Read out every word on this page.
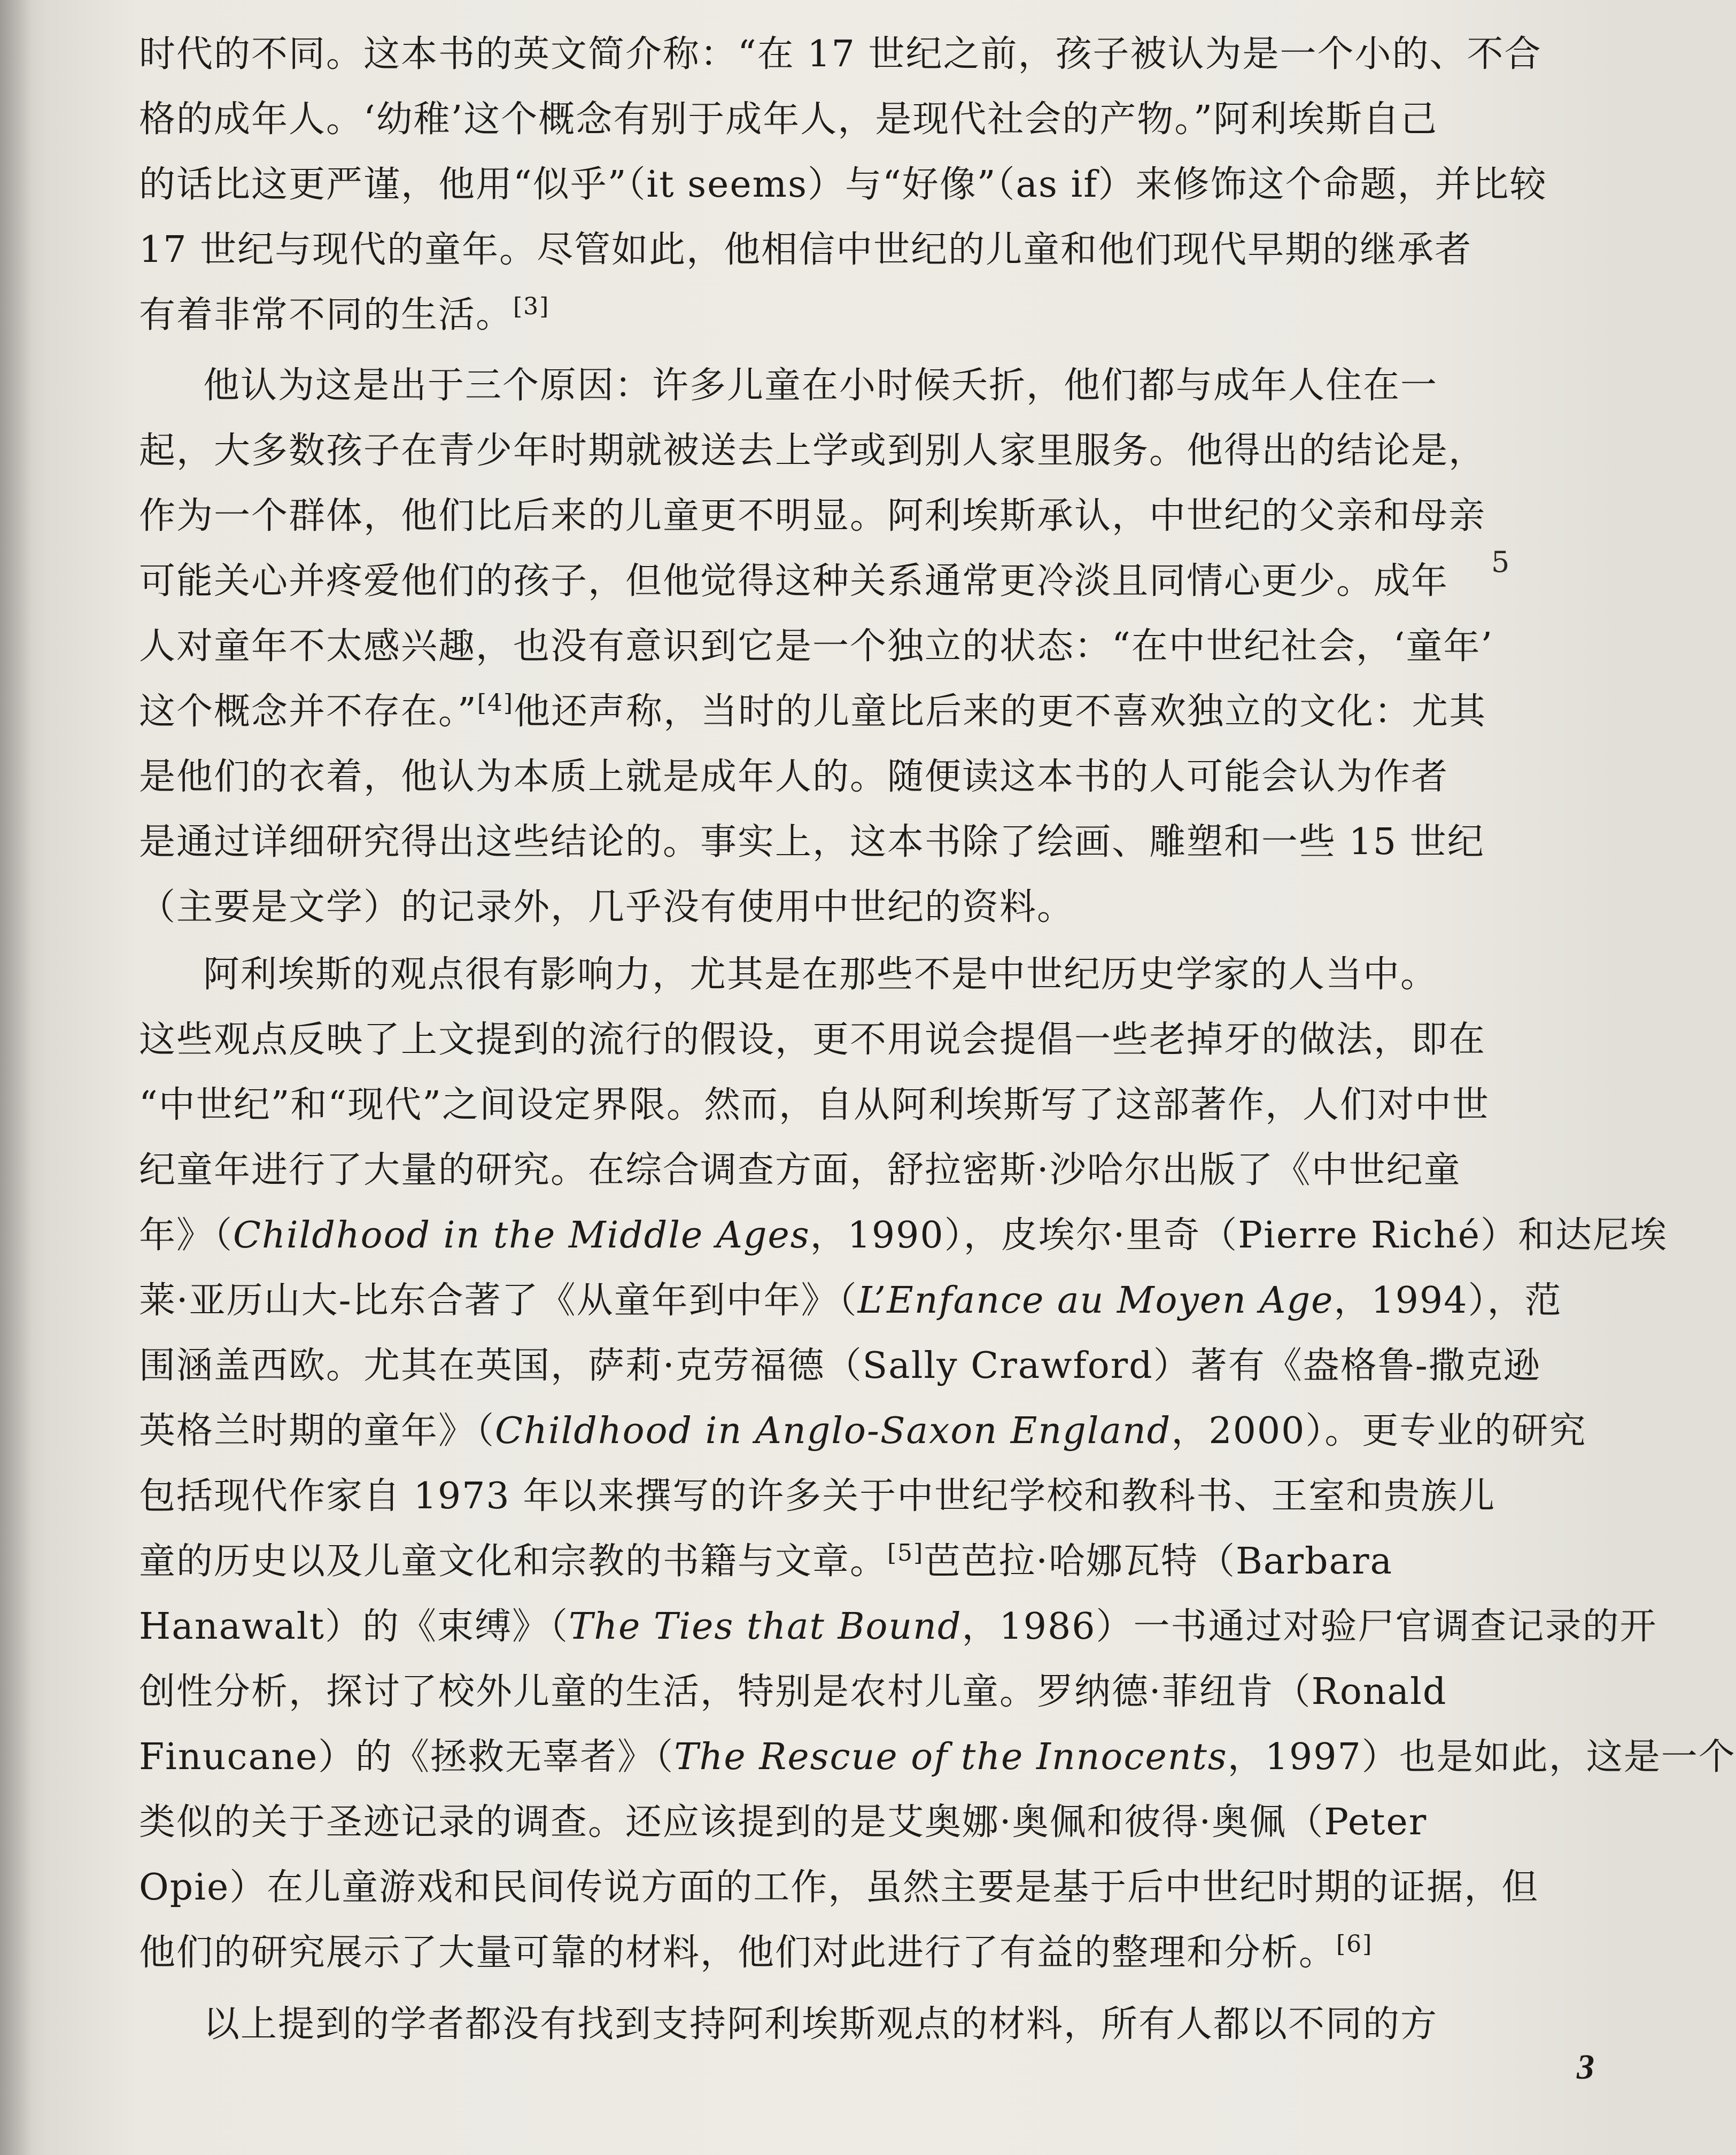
时代的不同。这本书的英文简介称：“在 17 世纪之前，孩子被认为是一个小的、不合
格的成年人。‘幼稚’这个概念有别于成年人，是现代社会的产物。”阿利埃斯自己
的话比这更严谨，他用“似乎”（it seems）与“好像”（as if）来修饰这个命题，并比较
17 世纪与现代的童年。尽管如此，他相信中世纪的儿童和他们现代早期的继承者
有着非常不同的生活。[3]
他认为这是出于三个原因：许多儿童在小时候夭折，他们都与成年人住在一
起，大多数孩子在青少年时期就被送去上学或到别人家里服务。他得出的结论是，
作为一个群体，他们比后来的儿童更不明显。阿利埃斯承认，中世纪的父亲和母亲
可能关心并疼爱他们的孩子，但他觉得这种关系通常更冷淡且同情心更少。成年
人对童年不太感兴趣，也没有意识到它是一个独立的状态：“在中世纪社会，‘童年’
这个概念并不存在。”[4]他还声称，当时的儿童比后来的更不喜欢独立的文化：尤其
是他们的衣着，他认为本质上就是成年人的。随便读这本书的人可能会认为作者
是通过详细研究得出这些结论的。事实上，这本书除了绘画、雕塑和一些 15 世纪
（主要是文学）的记录外，几乎没有使用中世纪的资料。
阿利埃斯的观点很有影响力，尤其是在那些不是中世纪历史学家的人当中。
这些观点反映了上文提到的流行的假设，更不用说会提倡一些老掉牙的做法，即在
“中世纪”和“现代”之间设定界限。然而，自从阿利埃斯写了这部著作，人们对中世
纪童年进行了大量的研究。在综合调查方面，舒拉密斯·沙哈尔出版了《中世纪童
年》（Childhood in the Middle Ages，1990），皮埃尔·里奇（Pierre Riché）和达尼埃
莱·亚历山大-比东合著了《从童年到中年》（L’Enfance au Moyen Age，1994），范
围涵盖西欧。尤其在英国，萨莉·克劳福德（Sally Crawford）著有《盎格鲁-撒克逊
英格兰时期的童年》（Childhood in Anglo-Saxon England，2000）。更专业的研究
包括现代作家自 1973 年以来撰写的许多关于中世纪学校和教科书、王室和贵族儿
童的历史以及儿童文化和宗教的书籍与文章。[5]芭芭拉·哈娜瓦特（Barbara
Hanawalt）的《束缚》（The Ties that Bound，1986）一书通过对验尸官调查记录的开
创性分析，探讨了校外儿童的生活，特别是农村儿童。罗纳德·菲纽肯（Ronald
Finucane）的《拯救无辜者》（The Rescue of the Innocents，1997）也是如此，这是一个
类似的关于圣迹记录的调查。还应该提到的是艾奥娜·奥佩和彼得·奥佩（Peter
Opie）在儿童游戏和民间传说方面的工作，虽然主要是基于后中世纪时期的证据，但
他们的研究展示了大量可靠的材料，他们对此进行了有益的整理和分析。[6]
以上提到的学者都没有找到支持阿利埃斯观点的材料，所有人都以不同的方
5
3
